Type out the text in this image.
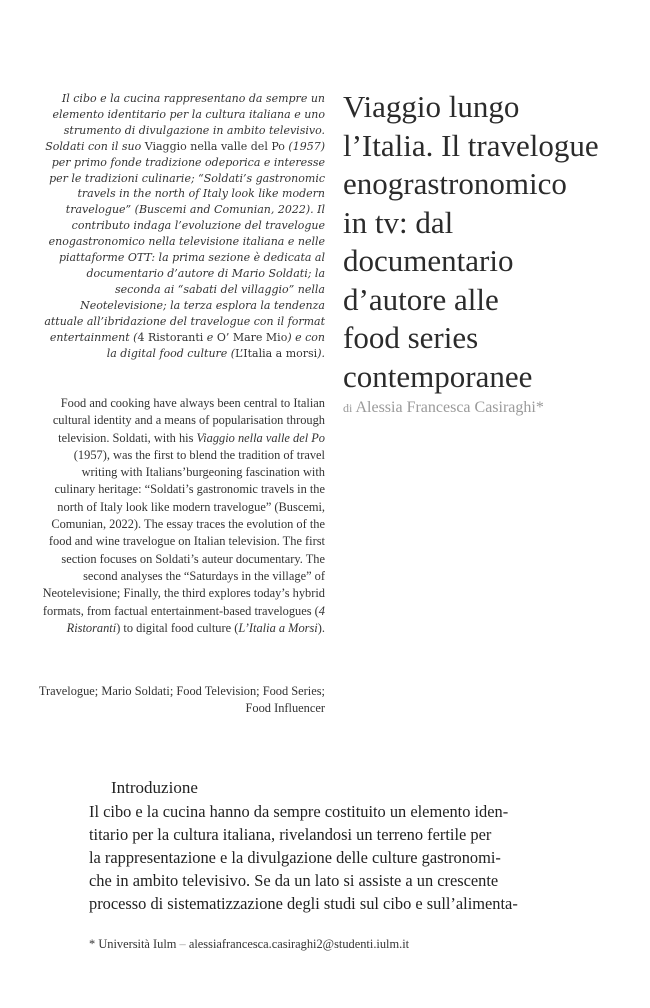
Il cibo e la cucina rappresentano da sempre un elemento identitario per la cultura italiana e uno strumento di divulgazione in ambito televisivo. Soldati con il suo Viaggio nella valle del Po (1957) per primo fonde tradizione odeporica e interesse per le tradizioni culinarie; “Soldati’s gastronomic travels in the north of Italy look like modern travelogue” (Buscemi and Comunian, 2022). Il contributo indaga l’evoluzione del travelogue enogastronomico nella televisione italiana e nelle piattaforme OTT: la prima sezione è dedicata al documentario d’autore di Mario Soldati; la seconda ai “sabati del villaggio” nella Neotelevisione; la terza esplora la tendenza attuale all’ibridazione del travelogue con il format entertainment (4 Ristoranti e O’ Mare Mio) e con la digital food culture (L’Italia a morsi).
Food and cooking have always been central to Italian cultural identity and a means of popularisation through television. Soldati, with his Viaggio nella valle del Po (1957), was the first to blend the tradition of travel writing with Italians’burgeoning fascination with culinary heritage: “Soldati’s gastronomic travels in the north of Italy look like modern travelogue” (Buscemi, Comunian, 2022). The essay traces the evolution of the food and wine travelogue on Italian television. The first section focuses on Soldati’s auteur documentary. The second analyses the “Saturdays in the village” of Neotelevisione; Finally, the third explores today’s hybrid formats, from factual entertainment-based travelogues (4 Ristoranti) to digital food culture (L’Italia a Morsi).
Travelogue; Mario Soldati; Food Television; Food Series; Food Influencer
Viaggio lungo
l’Italia. Il travelogue
enograstronomico
in tv: dal
documentario
d’autore alle
food series
contemporanee
di Alessia Francesca Casiraghi*
Introduzione
Il cibo e la cucina hanno da sempre costituito un elemento iden-
titario per la cultura italiana, rivelandosi un terreno fertile per
la rappresentazione e la divulgazione delle culture gastronomi-
che in ambito televisivo. Se da un lato si assiste a un crescente
processo di sistematizzazione degli studi sul cibo e sull’alimenta-
* Università Iulm – alessiafrancesca.casiraghi2@studenti.iulm.it
